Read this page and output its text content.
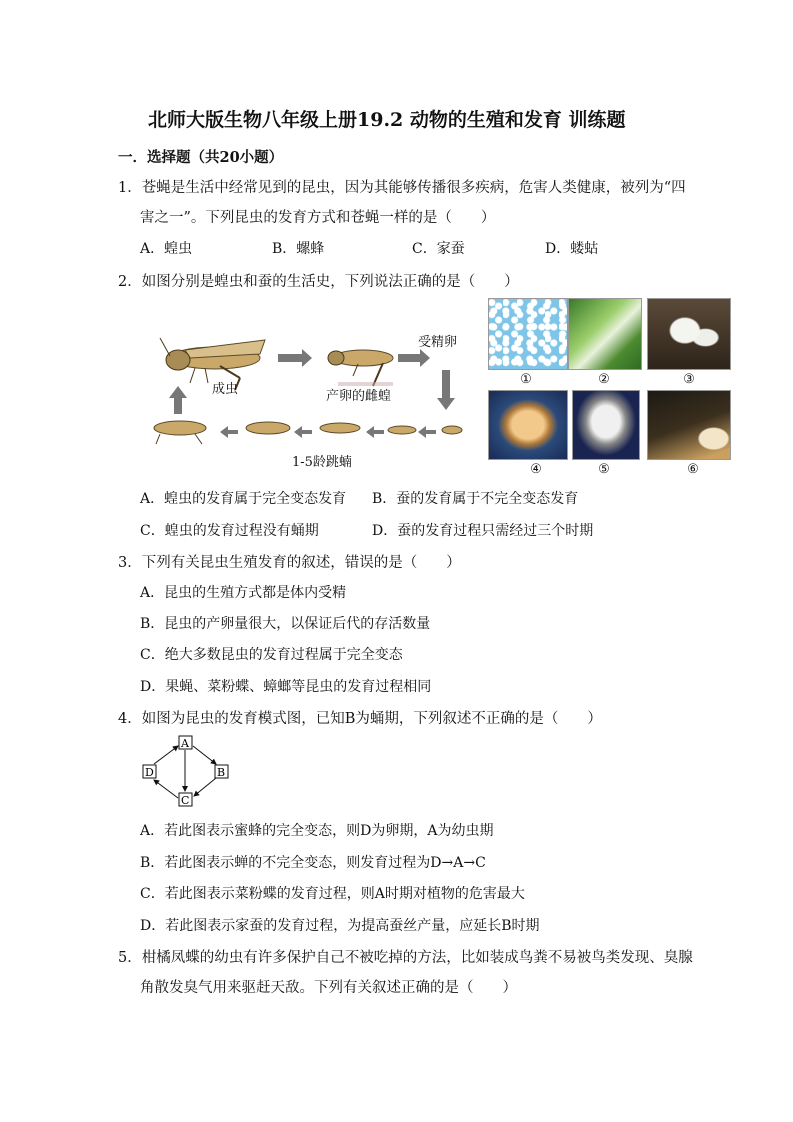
北师大版生物八年级上册19.2 动物的生殖和发育 训练题
一．选择题（共20小题）
1．苍蝇是生活中经常见到的昆虫，因为其能够传播很多疾病，危害人类健康，被列为“四
害之一”。下列昆虫的发育方式和苍蝇一样的是（　　）
A．蝗虫	B．螺蜂	C．家蚕	D．蝼蛄
2．如图分别是蝗虫和蚕的生活史，下列说法正确的是（　　）
成虫	产卵的雌蝗
受精卵
1-5龄跳蝻
①	②	③
④	⑤	⑥
A．蝗虫的发育属于完全变态发育 B．蚕的发育属于不完全变态发育
C．蝗虫的发育过程没有蛹期	D．蚕的发育过程只需经过三个时期
3．下列有关昆虫生殖发育的叙述，错误的是（　　）
A．昆虫的生殖方式都是体内受精
B．昆虫的产卵量很大，以保证后代的存活数量
C．绝大多数昆虫的发育过程属于完全变态
D．果蝇、菜粉蝶、蟑螂等昆虫的发育过程相同
4．如图为昆虫的发育模式图，已知B为蛹期，下列叙述不正确的是（　　）
A
B
C
D
A．若此图表示蜜蜂的完全变态，则D为卵期，A为幼虫期
B．若此图表示蝉的不完全变态，则发育过程为D→A→C
C．若此图表示菜粉蝶的发育过程，则A时期对植物的危害最大
D．若此图表示家蚕的发育过程，为提高蚕丝产量，应延长B时期
5．柑橘凤蝶的幼虫有许多保护自己不被吃掉的方法，比如装成鸟粪不易被鸟类发现、臭腺
角散发臭气用来驱赶天敌。下列有关叙述正确的是（　　）
